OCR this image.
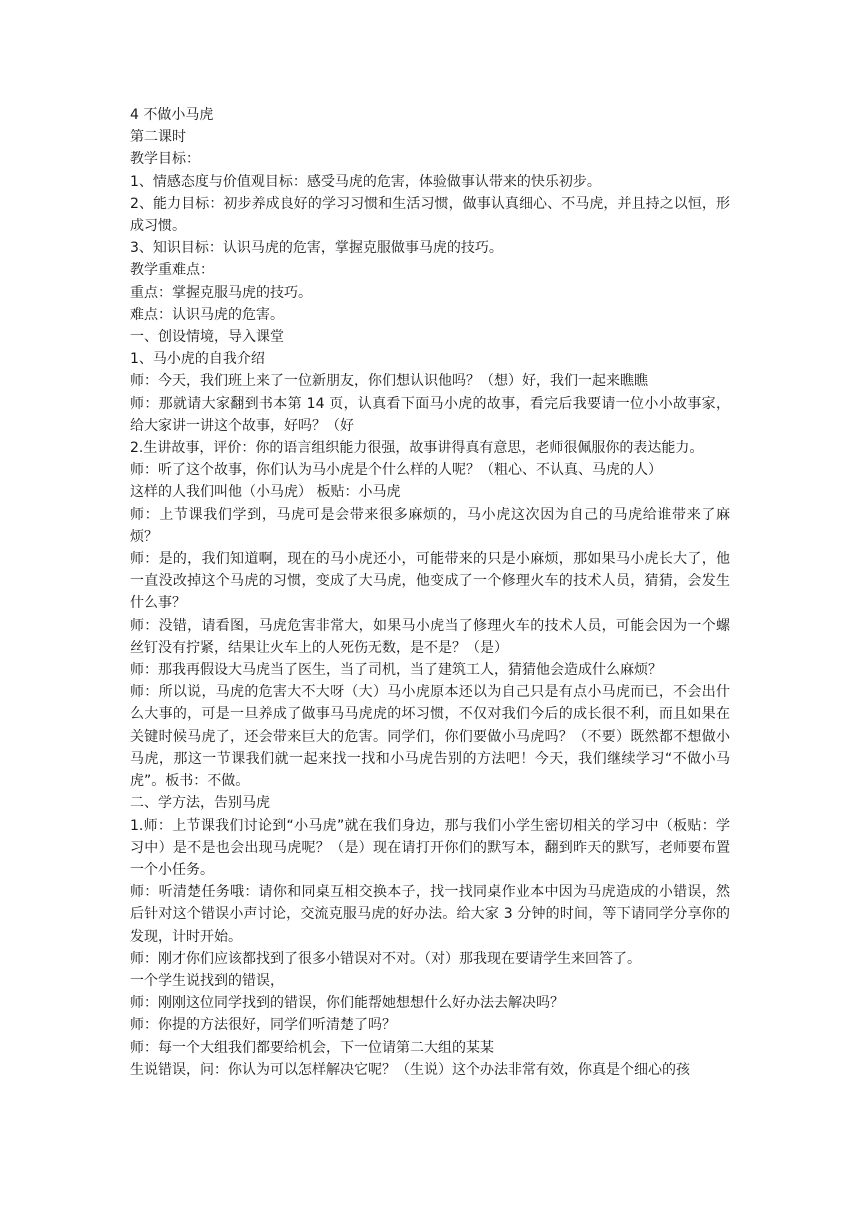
4 不做小马虎

第二课时

教学目标：

1、情感态度与价值观目标：感受马虎的危害，体验做事认带来的快乐初步。

2、能力目标：初步养成良好的学习习惯和生活习惯，做事认真细心、不马虎，并且持之以恒，形成习惯。

3、知识目标：认识马虎的危害，掌握克服做事马虎的技巧。

教学重难点：

重点：掌握克服马虎的技巧。

难点：认识马虎的危害。

一、创设情境，导入课堂

1、马小虎的自我介绍

师：今天，我们班上来了一位新朋友，你们想认识他吗？（想）好，我们一起来瞧瞧

师：那就请大家翻到书本第 14 页，认真看下面马小虎的故事，看完后我要请一位小小故事家，给大家讲一讲这个故事，好吗？（好

2.生讲故事，评价：你的语言组织能力很强，故事讲得真有意思，老师很佩服你的表达能力。

师：听了这个故事，你们认为马小虎是个什么样的人呢？（粗心、不认真、马虎的人）

这样的人我们叫他（小马虎） 板贴：小马虎

师：上节课我们学到，马虎可是会带来很多麻烦的，马小虎这次因为自己的马虎给谁带来了麻烦？

师：是的，我们知道啊，现在的马小虎还小，可能带来的只是小麻烦，那如果马小虎长大了，他一直没改掉这个马虎的习惯，变成了大马虎，他变成了一个修理火车的技术人员，猜猜，会发生什么事？

师：没错，请看图，马虎危害非常大，如果马小虎当了修理火车的技术人员，可能会因为一个螺丝钉没有拧紧，结果让火车上的人死伤无数，是不是？（是）

师：那我再假设大马虎当了医生，当了司机，当了建筑工人，猜猜他会造成什么麻烦？

师：所以说，马虎的危害大不大呀（大）马小虎原本还以为自己只是有点小马虎而已，不会出什么大事的，可是一旦养成了做事马马虎虎的坏习惯，不仅对我们今后的成长很不利，而且如果在关键时候马虎了，还会带来巨大的危害。同学们，你们要做小马虎吗？（不要）既然都不想做小马虎，那这一节课我们就一起来找一找和小马虎告别的方法吧！今天，我们继续学习“不做小马虎”。板书：不做。

二、学方法，告别马虎

1.师：上节课我们讨论到“小马虎”就在我们身边，那与我们小学生密切相关的学习中（板贴：学习中）是不是也会出现马虎呢？（是）现在请打开你们的默写本，翻到昨天的默写，老师要布置一个小任务。

师：听清楚任务哦：请你和同桌互相交换本子，找一找同桌作业本中因为马虎造成的小错误，然后针对这个错误小声讨论，交流克服马虎的好办法。给大家 3 分钟的时间，等下请同学分享你的发现，计时开始。

师：刚才你们应该都找到了很多小错误对不对。（对）那我现在要请学生来回答了。

一个学生说找到的错误，

师：刚刚这位同学找到的错误，你们能帮她想想什么好办法去解决吗？

师：你提的方法很好，同学们听清楚了吗？

师：每一个大组我们都要给机会，下一位请第二大组的某某

生说错误，问：你认为可以怎样解决它呢？（生说）这个办法非常有效，你真是个细心的孩
